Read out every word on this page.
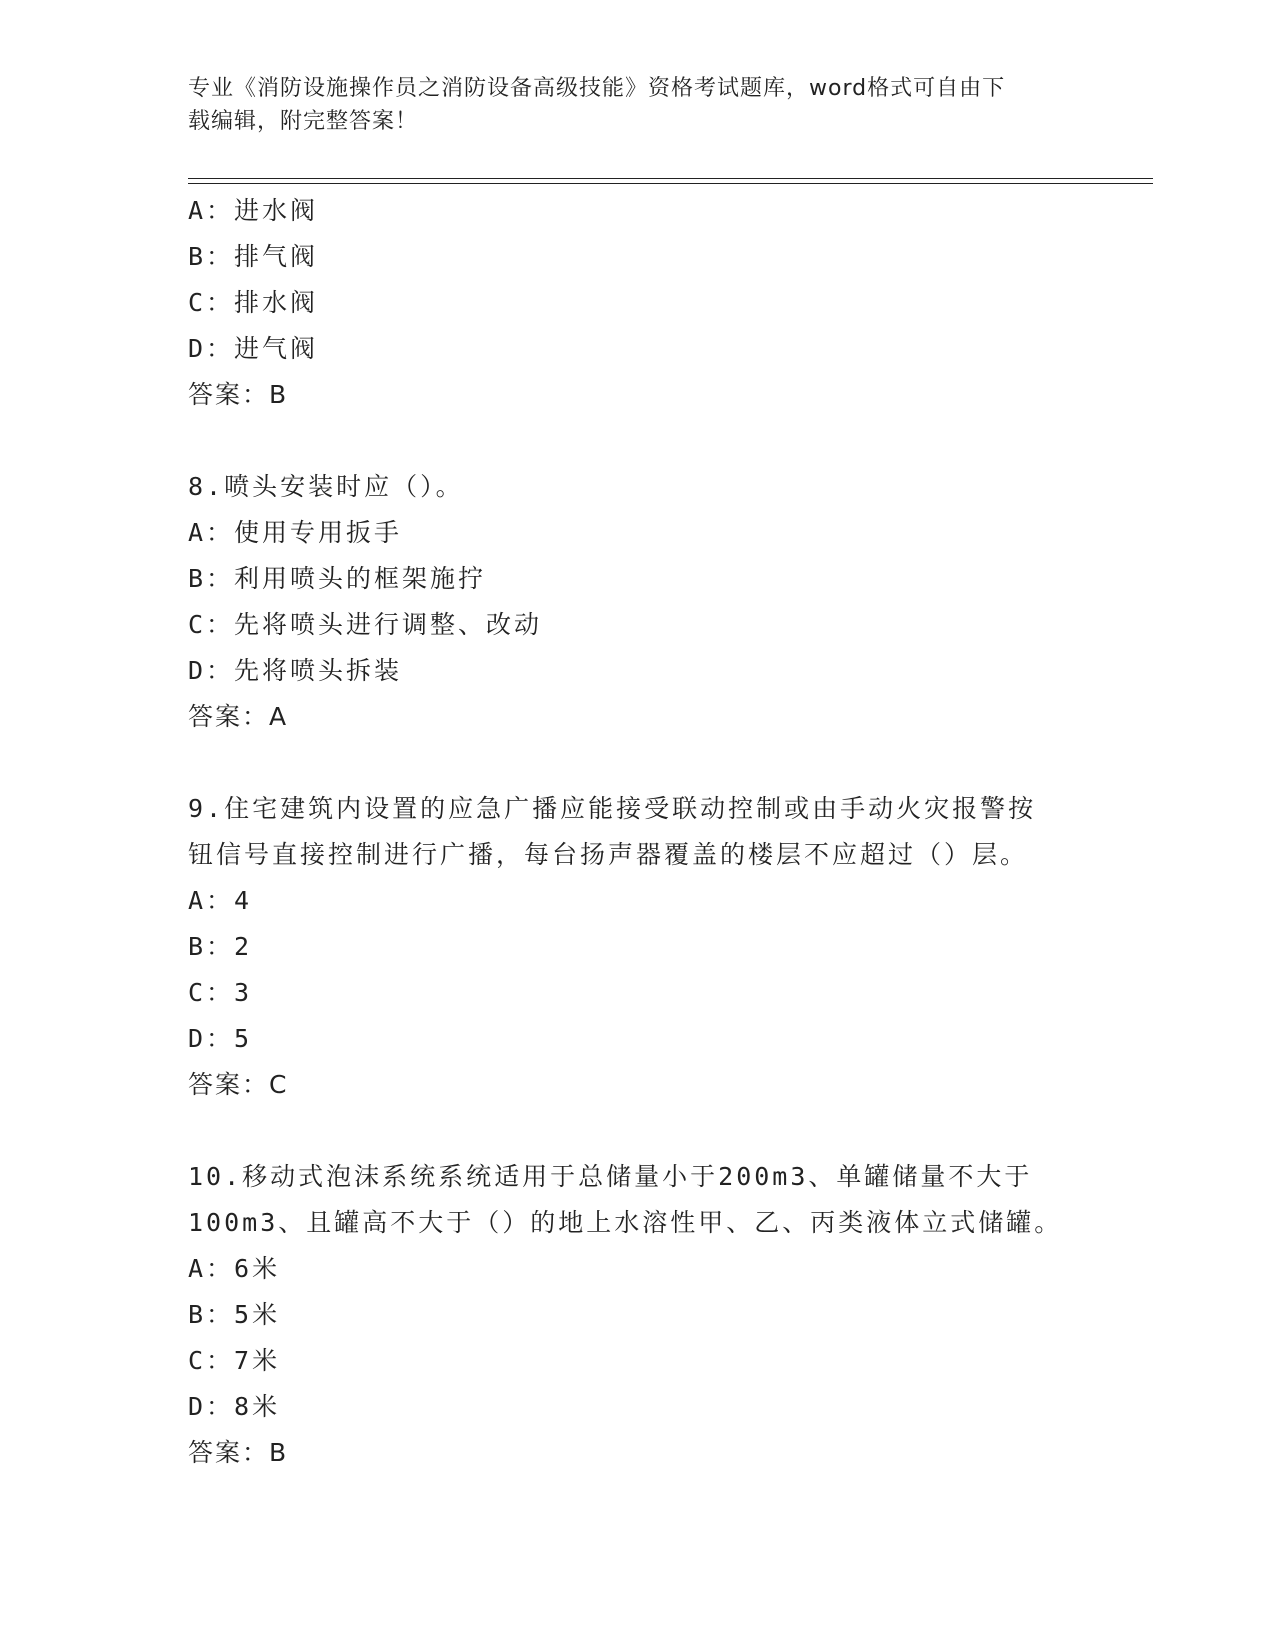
专业《消防设施操作员之消防设备高级技能》资格考试题库，word格式可自由下
载编辑，附完整答案！
A：进水阀
B：排气阀
C：排水阀
D：进气阀
答案：B
8.喷头安装时应（）。
A：使用专用扳手
B：利用喷头的框架施拧
C：先将喷头进行调整、改动
D：先将喷头拆装
答案：A
9.住宅建筑内设置的应急广播应能接受联动控制或由手动火灾报警按
钮信号直接控制进行广播，每台扬声器覆盖的楼层不应超过（）层。
A：4
B：2
C：3
D：5
答案：C
10.移动式泡沫系统系统适用于总储量小于200m3、单罐储量不大于
100m3、且罐高不大于（）的地上水溶性甲、乙、丙类液体立式储罐。
A：6米
B：5米
C：7米
D：8米
答案：B
